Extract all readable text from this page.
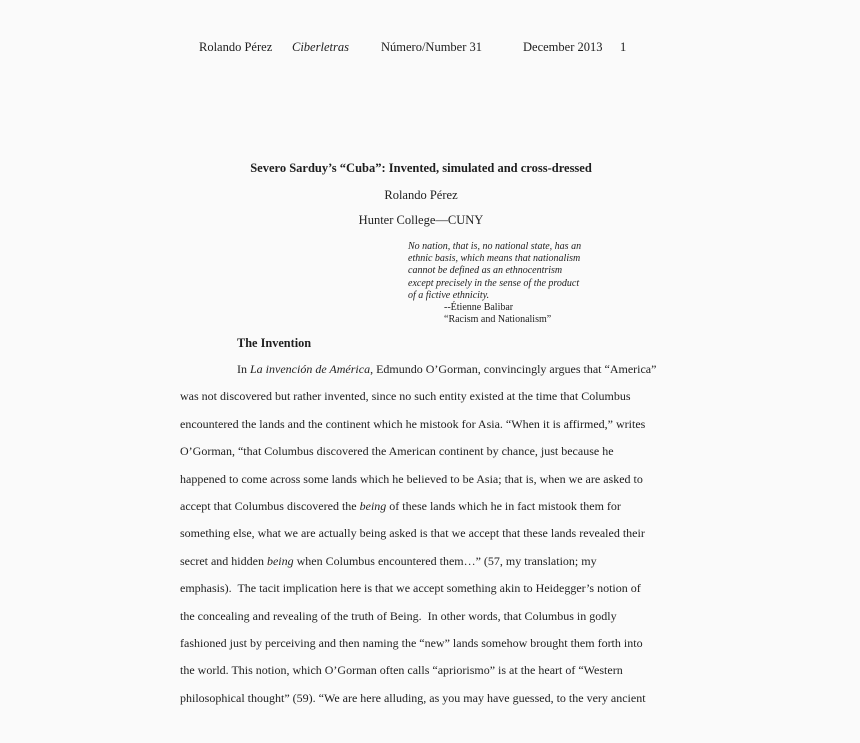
Rolando Pérez Ciberletras	Número/Number 31	December 2013 1
Severo Sarduy’s “Cuba”: Invented, simulated and cross-dressed
Rolando Pérez
Hunter College—CUNY
No nation, that is, no national state, has an
ethnic basis, which means that nationalism
cannot be defined as an ethnocentrism
except precisely in the sense of the product
of a fictive ethnicity.
--Étienne Balibar
“Racism and Nationalism”
The Invention
In La invención de América, Edmundo O’Gorman, convincingly argues that “America”
was not discovered but rather invented, since no such entity existed at the time that Columbus
encountered the lands and the continent which he mistook for Asia. “When it is affirmed,” writes
O’Gorman, “that Columbus discovered the American continent by chance, just because he
happened to come across some lands which he believed to be Asia; that is, when we are asked to
accept that Columbus discovered the being of these lands which he in fact mistook them for
something else, what we are actually being asked is that we accept that these lands revealed their
secret and hidden being when Columbus encountered them…” (57, my translation; my
emphasis).  The tacit implication here is that we accept something akin to Heidegger’s notion of
the concealing and revealing of the truth of Being.  In other words, that Columbus in godly
fashioned just by perceiving and then naming the “new” lands somehow brought them forth into
the world. This notion, which O’Gorman often calls “apriorismo” is at the heart of “Western
philosophical thought” (59). “We are here alluding, as you may have guessed, to the very ancient
